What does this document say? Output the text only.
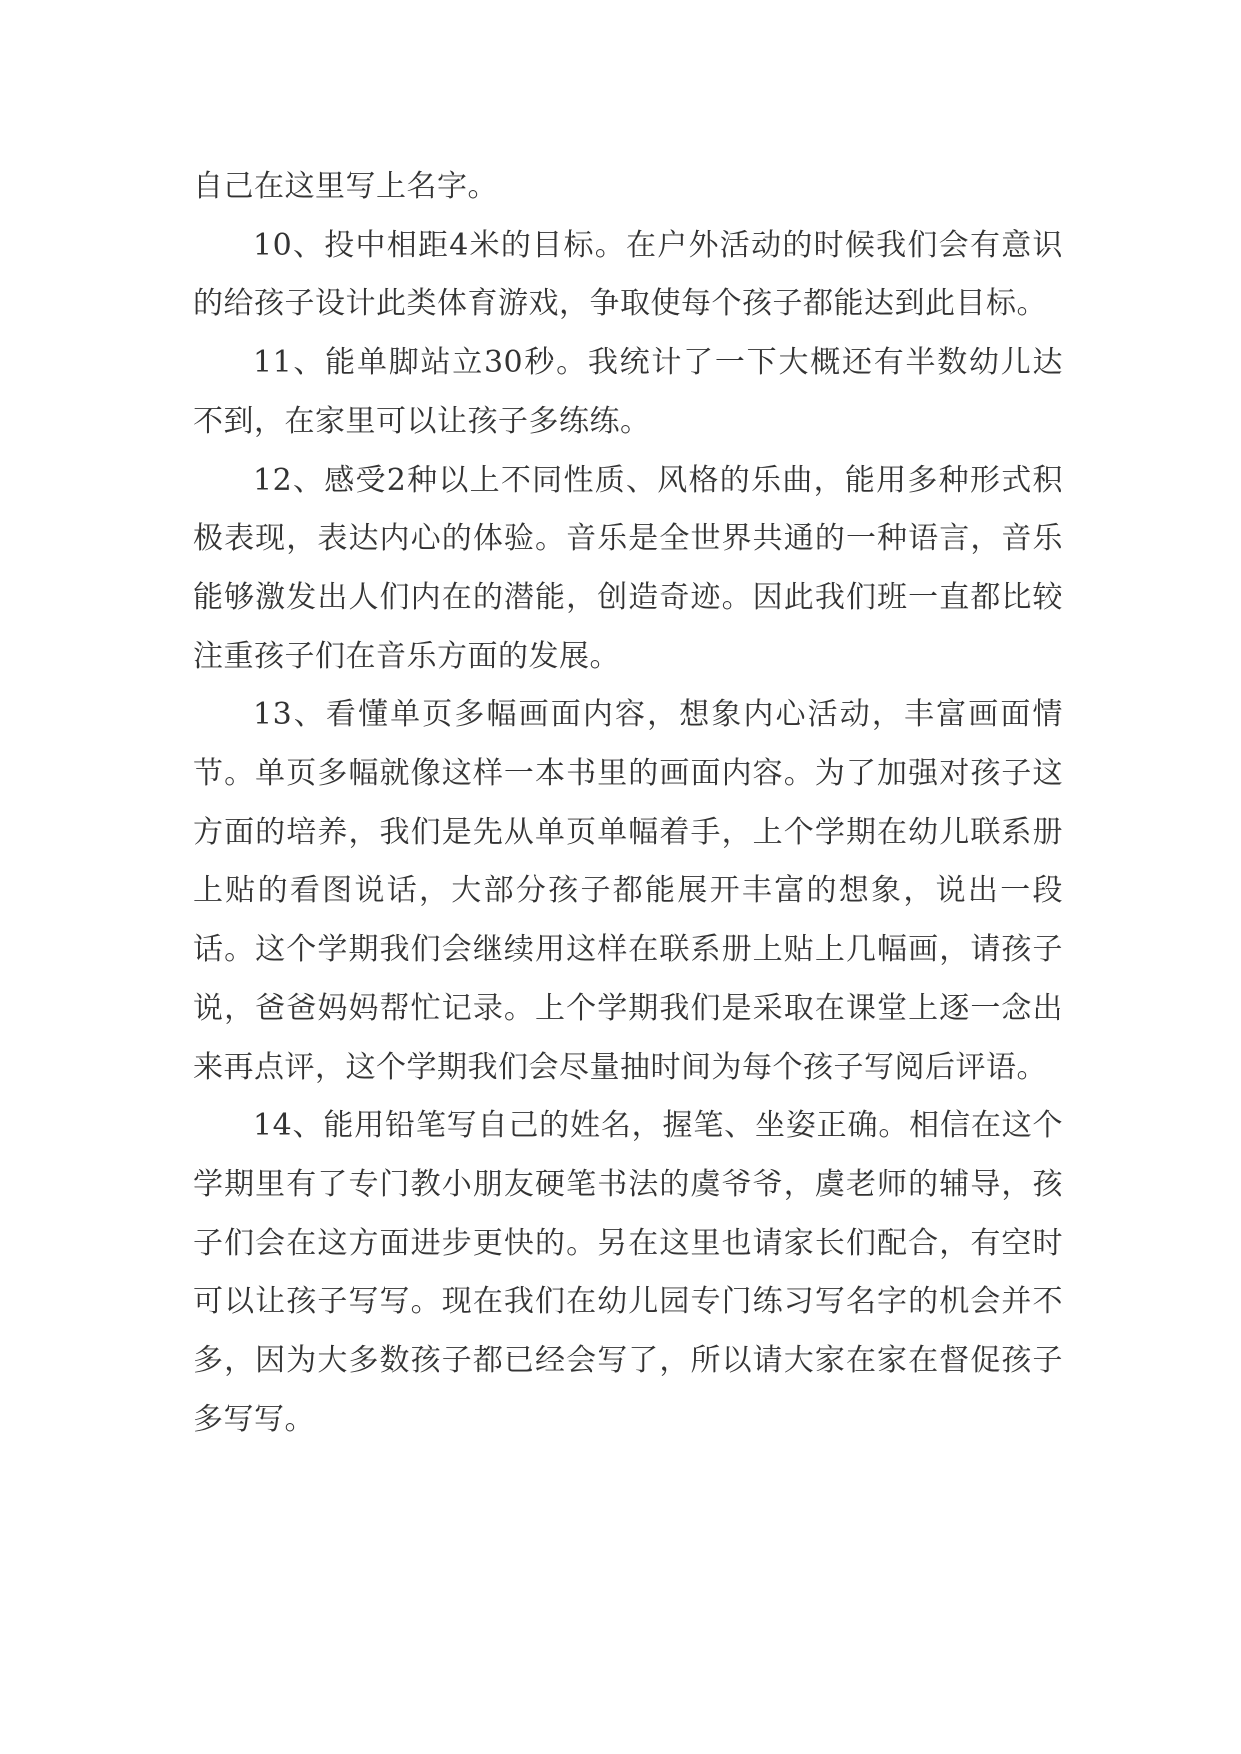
自己在这里写上名字。

10、投中相距4米的目标。在户外活动的时候我们会有意识的给孩子设计此类体育游戏，争取使每个孩子都能达到此目标。

11、能单脚站立30秒。我统计了一下大概还有半数幼儿达不到，在家里可以让孩子多练练。

12、感受2种以上不同性质、风格的乐曲，能用多种形式积极表现，表达内心的体验。音乐是全世界共通的一种语言，音乐能够激发出人们内在的潜能，创造奇迹。因此我们班一直都比较注重孩子们在音乐方面的发展。

13、看懂单页多幅画面内容，想象内心活动，丰富画面情节。单页多幅就像这样一本书里的画面内容。为了加强对孩子这方面的培养，我们是先从单页单幅着手，上个学期在幼儿联系册上贴的看图说话，大部分孩子都能展开丰富的想象，说出一段话。这个学期我们会继续用这样在联系册上贴上几幅画，请孩子说，爸爸妈妈帮忙记录。上个学期我们是采取在课堂上逐一念出来再点评，这个学期我们会尽量抽时间为每个孩子写阅后评语。

14、能用铅笔写自己的姓名，握笔、坐姿正确。相信在这个学期里有了专门教小朋友硬笔书法的虞爷爷，虞老师的辅导，孩子们会在这方面进步更快的。另在这里也请家长们配合，有空时可以让孩子写写。现在我们在幼儿园专门练习写名字的机会并不多，因为大多数孩子都已经会写了，所以请大家在家在督促孩子多写写。
